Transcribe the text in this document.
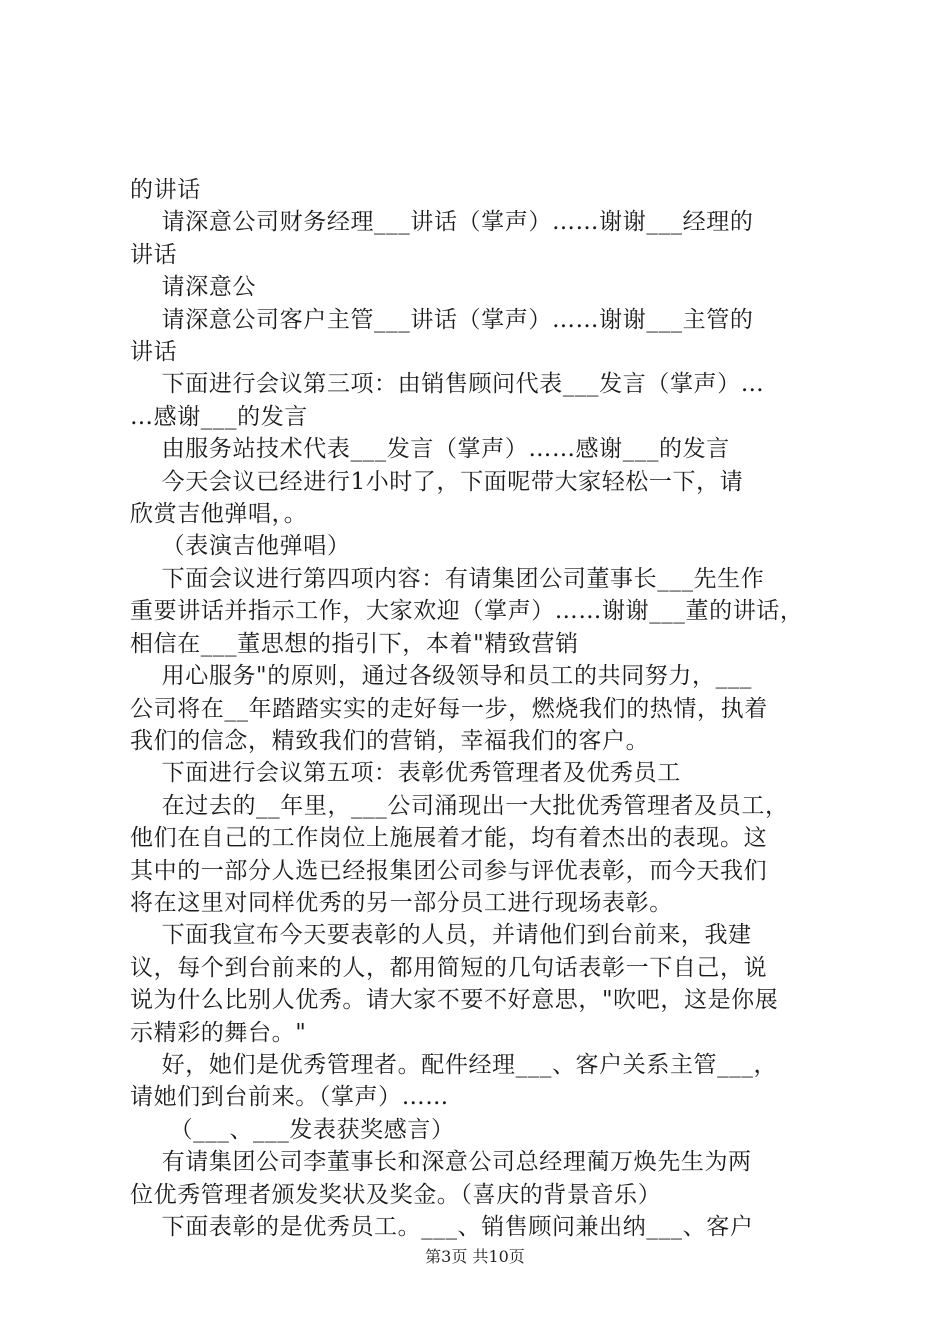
的讲话

请深意公司财务经理___讲话（掌声）……谢谢___经理的

讲话

请深意公

请深意公司客户主管___讲话（掌声）……谢谢___主管的

讲话

下面进行会议第三项：由销售顾问代表___发言（掌声）…

…感谢___的发言

由服务站技术代表___发言（掌声）……感谢___的发言

今天会议已经进行1小时了，下面呢带大家轻松一下，请

欣赏吉他弹唱，。

（表演吉他弹唱）

下面会议进行第四项内容：有请集团公司董事长___先生作

重要讲话并指示工作，大家欢迎（掌声）……谢谢___董的讲话，

相信在___董思想的指引下，本着"精致营销

用心服务"的原则，通过各级领导和员工的共同努力，___

公司将在__年踏踏实实的走好每一步，燃烧我们的热情，执着

我们的信念，精致我们的营销，幸福我们的客户。

下面进行会议第五项：表彰优秀管理者及优秀员工

在过去的__年里，___公司涌现出一大批优秀管理者及员工，

他们在自己的工作岗位上施展着才能，均有着杰出的表现。这

其中的一部分人选已经报集团公司参与评优表彰，而今天我们

将在这里对同样优秀的另一部分员工进行现场表彰。

下面我宣布今天要表彰的人员，并请他们到台前来，我建

议，每个到台前来的人，都用简短的几句话表彰一下自己，说

说为什么比别人优秀。请大家不要不好意思，"吹吧，这是你展

示精彩的舞台。"

好，她们是优秀管理者。配件经理___、客户关系主管___，

请她们到台前来。（掌声）……

（___、___发表获奖感言）

有请集团公司李董事长和深意公司总经理蔺万焕先生为两

位优秀管理者颁发奖状及奖金。（喜庆的背景音乐）

下面表彰的是优秀员工。___、销售顾问兼出纳___、客户

第3页 共10页
